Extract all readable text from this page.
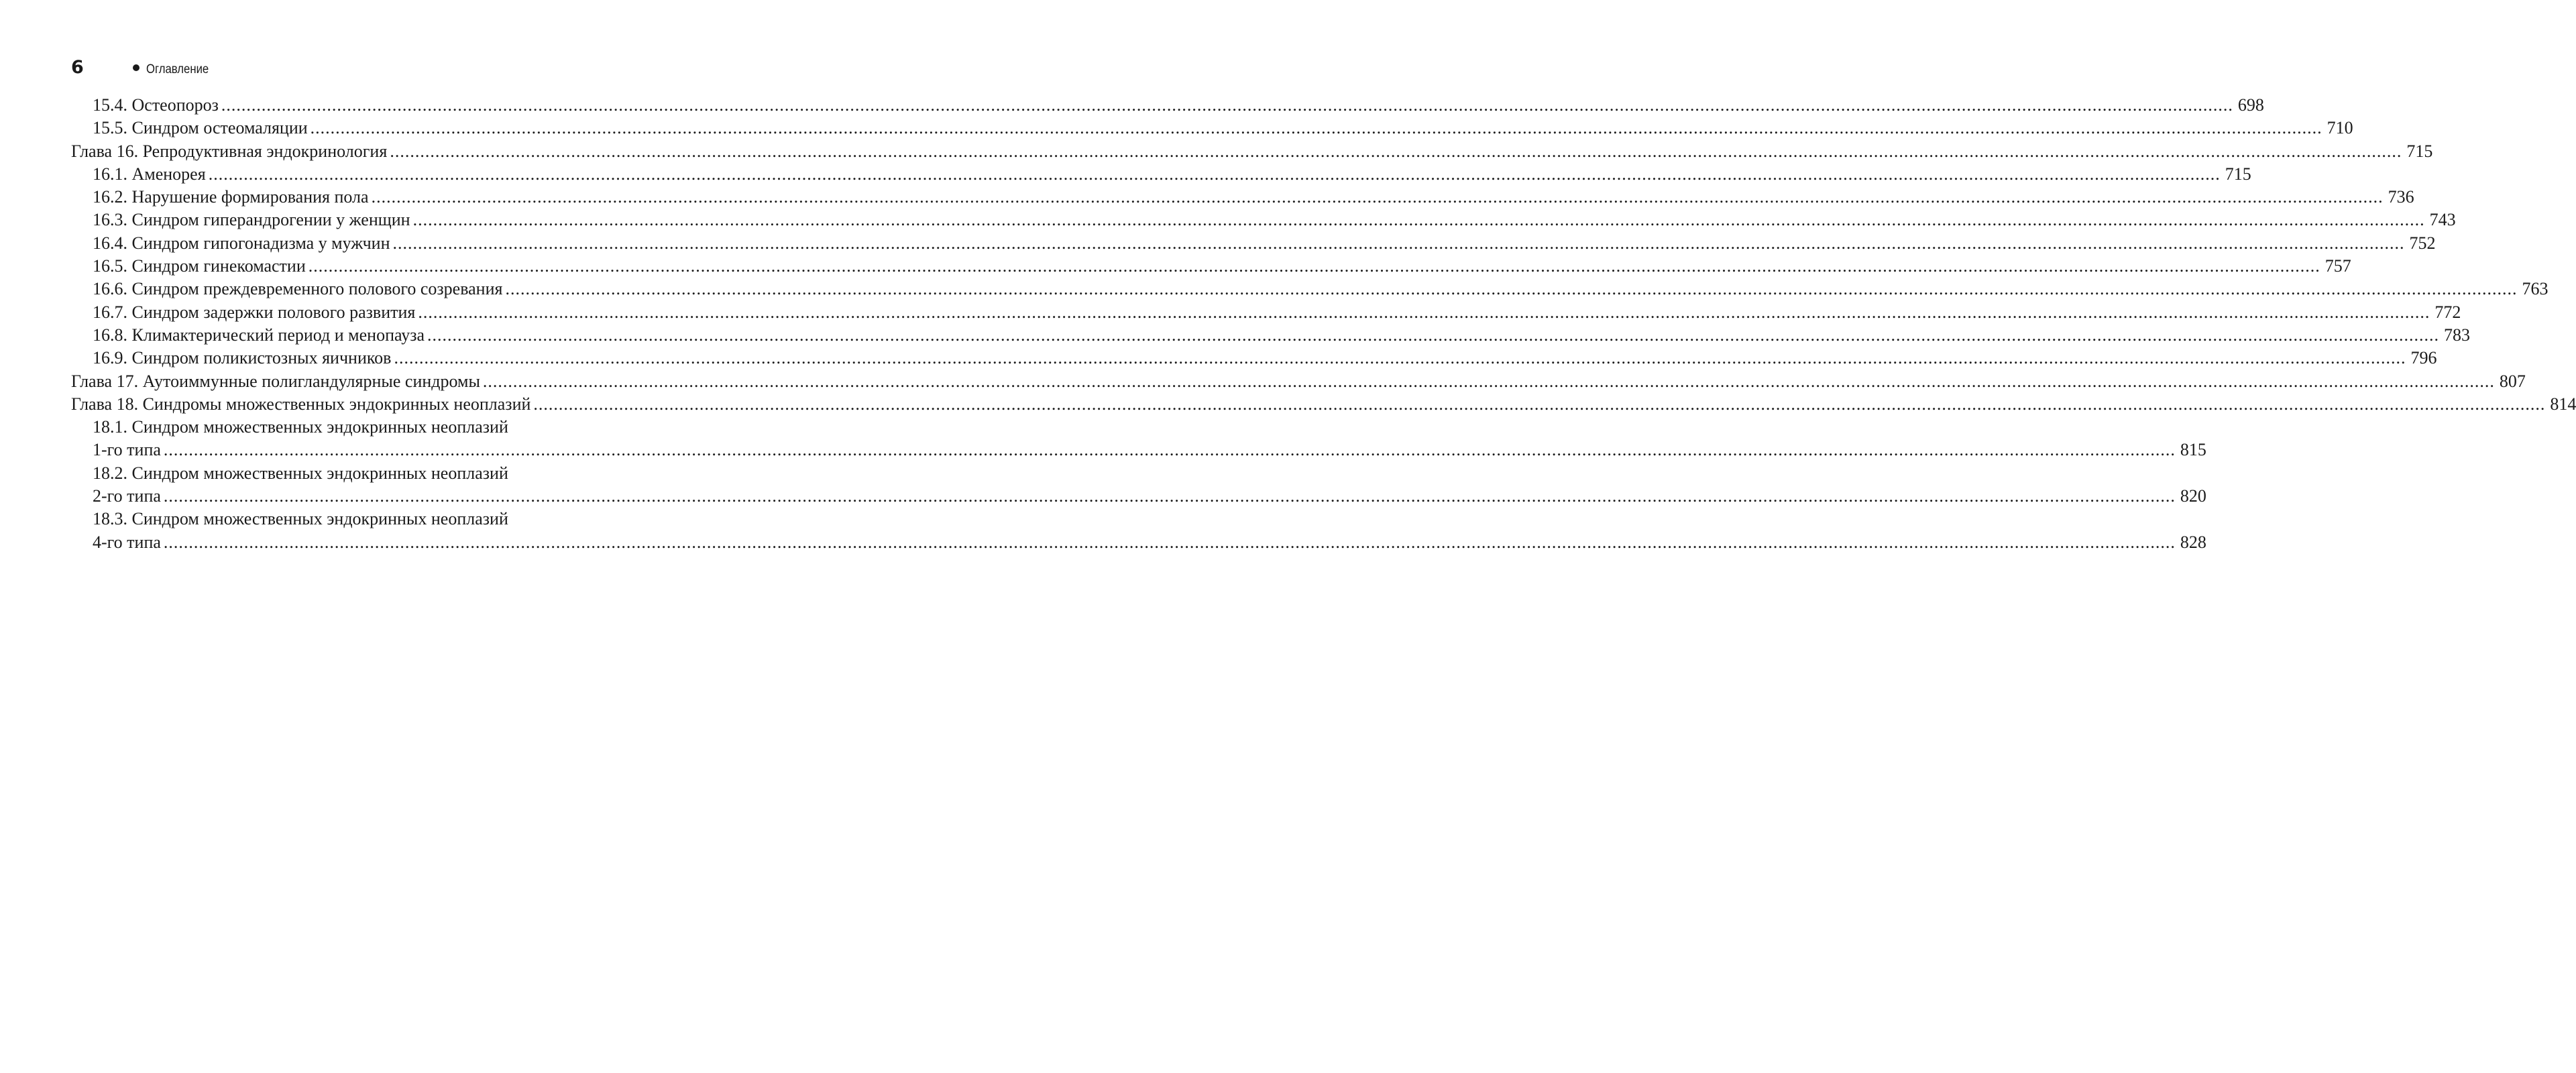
6	Оглавление
15.4. Остеопороз ................................................................................................................................................................................................................................................................................................................................................................................................................ 698
15.5. Синдром остеомаляции ................................................................................................................................................................................................................................................................................................................................................................................................................ 710
Глава 16. Репродуктивная эндокринология ................................................................................................................................................................................................................................................................................................................................................................................................................ 715
16.1. Аменорея ................................................................................................................................................................................................................................................................................................................................................................................................................ 715
16.2. Нарушение формирования пола ................................................................................................................................................................................................................................................................................................................................................................................................................ 736
16.3. Синдром гиперандрогении у женщин ................................................................................................................................................................................................................................................................................................................................................................................................................ 743
16.4. Синдром гипогонадизма у мужчин ................................................................................................................................................................................................................................................................................................................................................................................................................ 752
16.5. Синдром гинекомастии ................................................................................................................................................................................................................................................................................................................................................................................................................ 757
16.6. Синдром преждевременного полового созревания ................................................................................................................................................................................................................................................................................................................................................................................................................ 763
16.7. Синдром задержки полового развития ................................................................................................................................................................................................................................................................................................................................................................................................................ 772
16.8. Климактерический период и менопауза ................................................................................................................................................................................................................................................................................................................................................................................................................ 783
16.9. Синдром поликистозных яичников ................................................................................................................................................................................................................................................................................................................................................................................................................ 796
Глава 17. Аутоиммунные полигландулярные синдромы ................................................................................................................................................................................................................................................................................................................................................................................................................ 807
Глава 18. Синдромы множественных эндокринных неоплазий ................................................................................................................................................................................................................................................................................................................................................................................................................ 814
18.1. Синдром множественных эндокринных неоплазий
1-го типа ................................................................................................................................................................................................................................................................................................................................................................................................................ 815
18.2. Синдром множественных эндокринных неоплазий
2-го типа ................................................................................................................................................................................................................................................................................................................................................................................................................ 820
18.3. Синдром множественных эндокринных неоплазий
4-го типа ................................................................................................................................................................................................................................................................................................................................................................................................................ 828
